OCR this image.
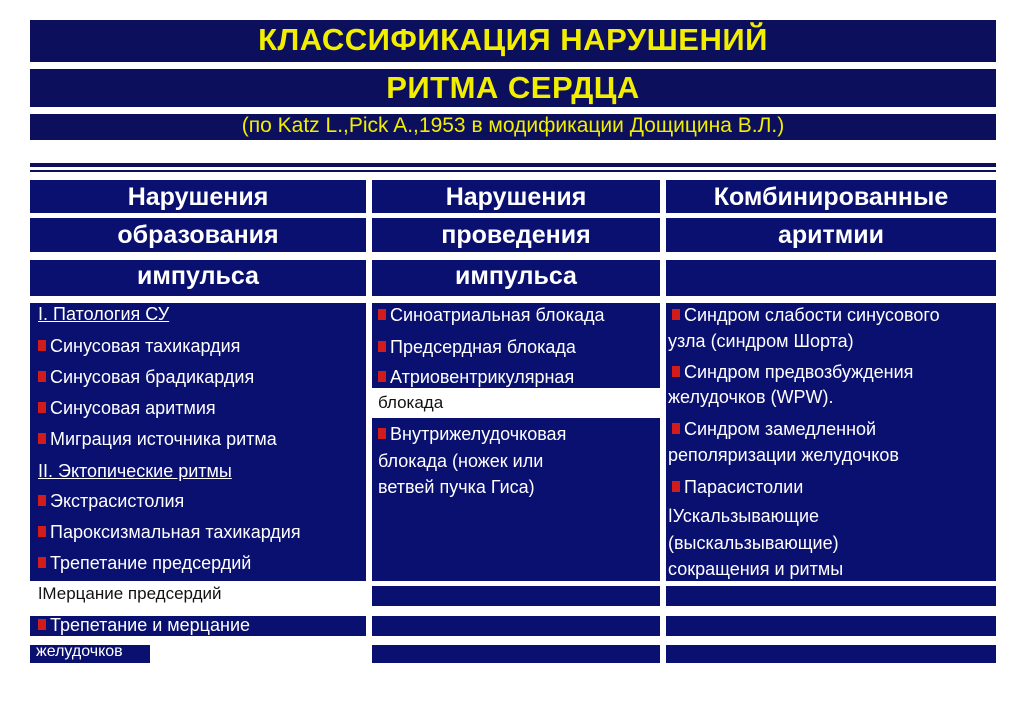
КЛАССИФИКАЦИЯ НАРУШЕНИЙ
РИТМА СЕРДЦА
(по Katz L.,Pick A.,1953 в модификации Дощицина В.Л.)
Нарушения
образования
импульса
Нарушения
проведения
импульса
Комбинированные
аритмии
I. Патология СУ
Синусовая тахикардия
Синусовая брадикардия
Синусовая аритмия
Миграция источника ритма
II. Эктопические ритмы
Экстрасистолия
Пароксизмальная тахикардия
Трепетание предсердий
ǀМерцание предсердий
Трепетание и мерцание
желудочков
Синоатриальная блокада
Предсердная блокада
Атриовентрикулярная
блокада
Внутрижелудочковая
блокада (ножек или
ветвей пучка Гиса)
Синдром слабости синусового
узла (синдром Шорта)
Синдром предвозбуждения
желудочков (WPW).
Синдром замедленной
реполяризации желудочков
Парасистолии
ǀУскальзывающие
(выскальзывающие)
сокращения и ритмы
